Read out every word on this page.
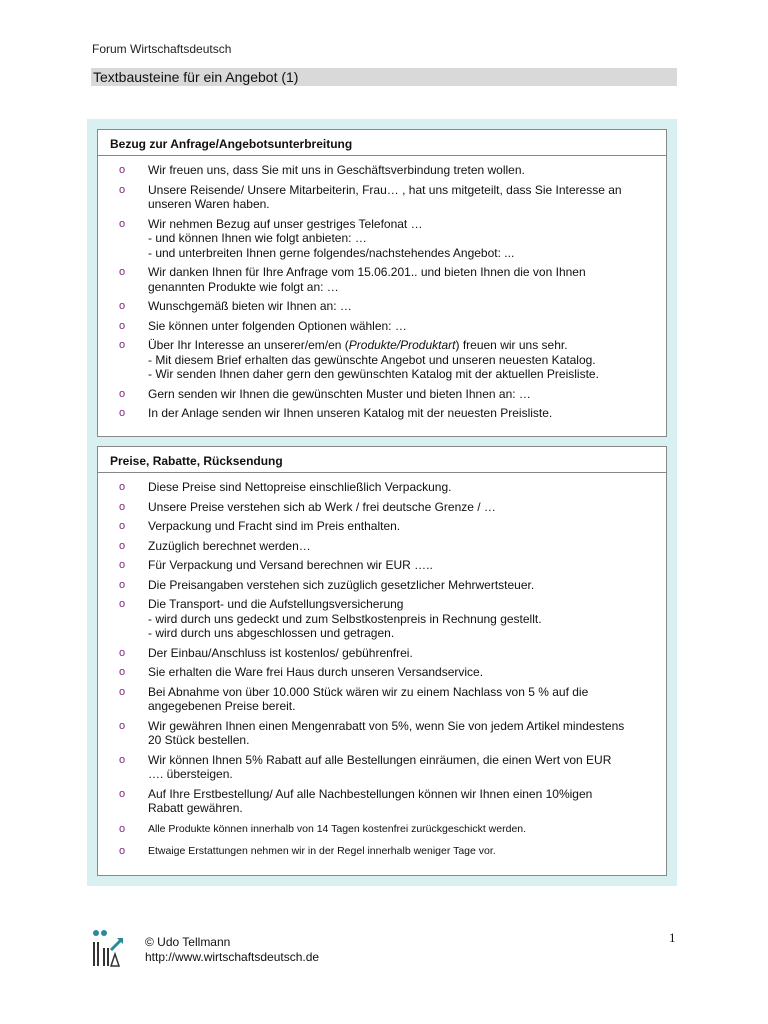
Forum Wirtschaftsdeutsch
Textbausteine für ein Angebot (1)
Bezug zur Anfrage/Angebotsunterbreitung
o Wir freuen uns, dass Sie mit uns in Geschäftsverbindung treten wollen.
o Unsere Reisende/ Unsere Mitarbeiterin, Frau… , hat uns mitgeteilt, dass Sie Interesse an
unseren Waren haben.
o Wir nehmen Bezug auf unser gestriges Telefonat …
- und können Ihnen wie folgt anbieten: …
- und unterbreiten Ihnen gerne folgendes/nachstehendes Angebot: ...
o Wir danken Ihnen für Ihre Anfrage vom 15.06.201.. und bieten Ihnen die von Ihnen
genannten Produkte wie folgt an: …
o Wunschgemäß bieten wir Ihnen an: …
o Sie können unter folgenden Optionen wählen: …
o Über Ihr Interesse an unserer/em/en (Produkte/Produktart) freuen wir uns sehr.
- Mit diesem Brief erhalten das gewünschte Angebot und unseren neuesten Katalog.
- Wir senden Ihnen daher gern den gewünschten Katalog mit der aktuellen Preisliste.
o Gern senden wir Ihnen die gewünschten Muster und bieten Ihnen an: …
o In der Anlage senden wir Ihnen unseren Katalog mit der neuesten Preisliste.
Preise, Rabatte, Rücksendung
o Diese Preise sind Nettopreise einschließlich Verpackung.
o Unsere Preise verstehen sich ab Werk / frei deutsche Grenze / …
o Verpackung und Fracht sind im Preis enthalten.
o Zuzüglich berechnet werden…
o Für Verpackung und Versand berechnen wir EUR …..
o Die Preisangaben verstehen sich zuzüglich gesetzlicher Mehrwertsteuer.
o Die Transport- und die Aufstellungsversicherung
- wird durch uns gedeckt und zum Selbstkostenpreis in Rechnung gestellt.
- wird durch uns abgeschlossen und getragen.
o Der Einbau/Anschluss ist kostenlos/ gebührenfrei.
o Sie erhalten die Ware frei Haus durch unseren Versandservice.
o Bei Abnahme von über 10.000 Stück wären wir zu einem Nachlass von 5 % auf die
angegebenen Preise bereit.
o Wir gewähren Ihnen einen Mengenrabatt von 5%, wenn Sie von jedem Artikel mindestens
20 Stück bestellen.
o Wir können Ihnen 5% Rabatt auf alle Bestellungen einräumen, die einen Wert von EUR
…. übersteigen.
o Auf Ihre Erstbestellung/ Auf alle Nachbestellungen können wir Ihnen einen 10%igen
Rabatt gewähren.
o Alle Produkte können innerhalb von 14 Tagen kostenfrei zurückgeschickt werden.
o Etwaige Erstattungen nehmen wir in der Regel innerhalb weniger Tage vor.
1
© Udo Tellmann
http://www.wirtschaftsdeutsch.de
